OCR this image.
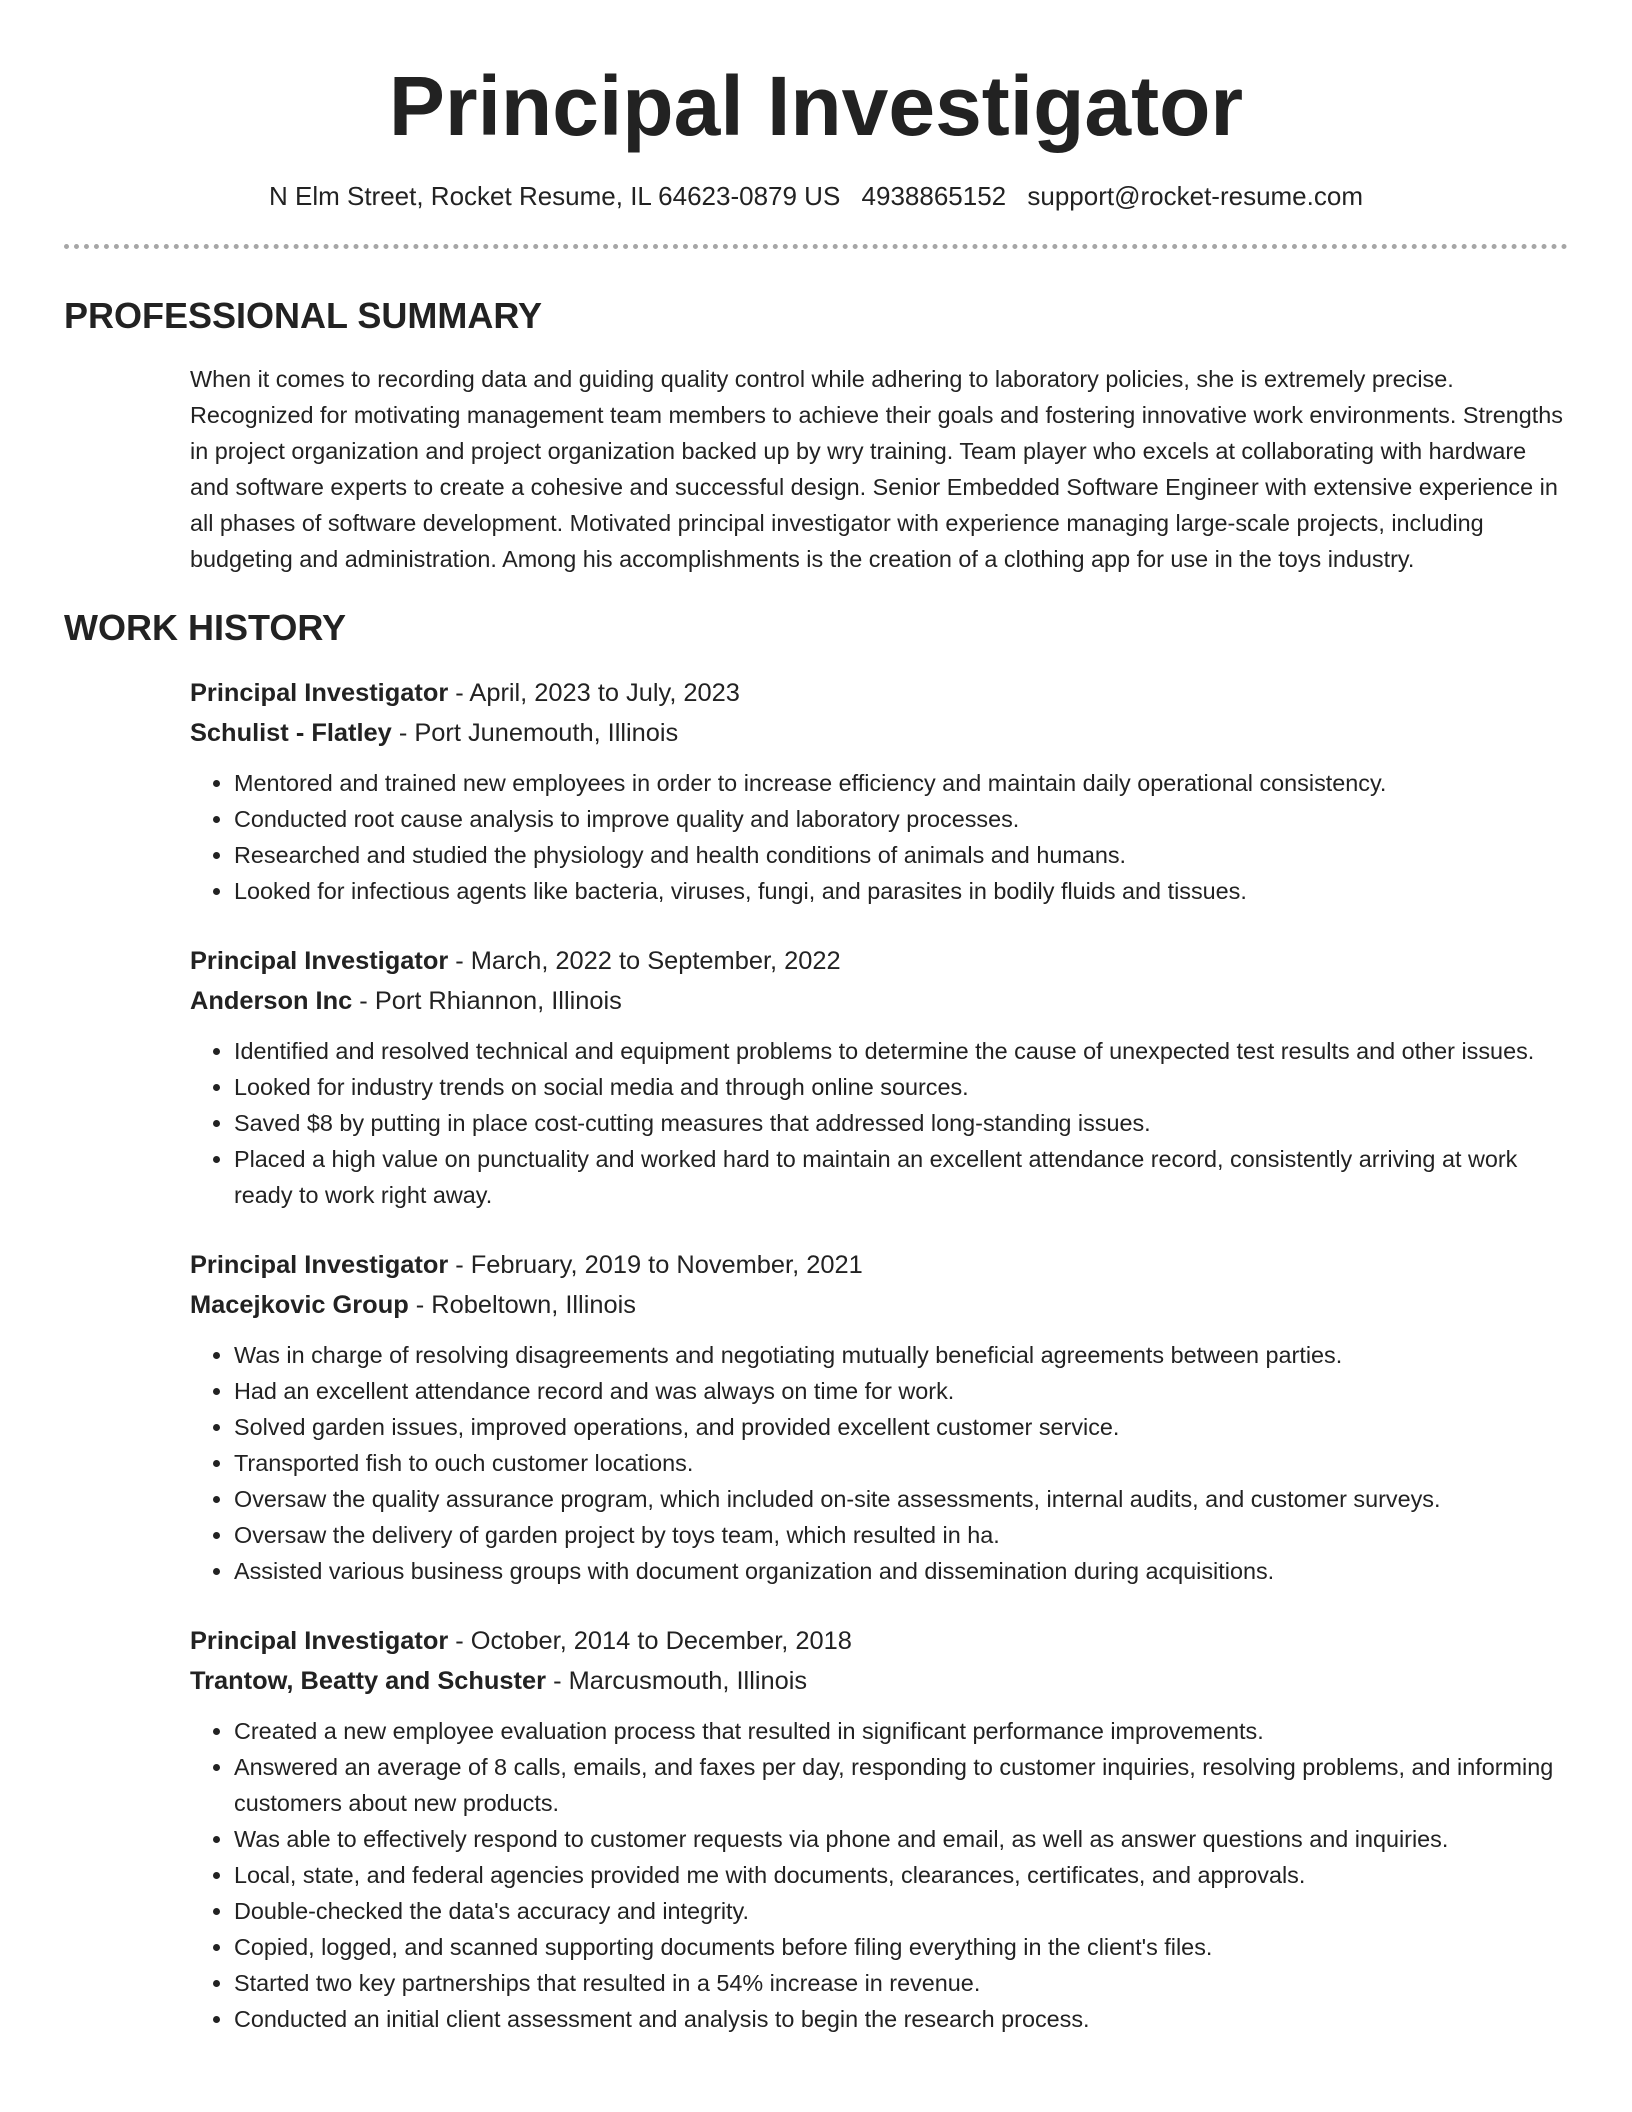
Principal Investigator
N Elm Street, Rocket Resume, IL 64623-0879 US 4938865152 support@rocket-resume.com
PROFESSIONAL SUMMARY

When it comes to recording data and guiding quality control while adhering to laboratory policies, she is extremely precise. Recognized for motivating management team members to achieve their goals and fostering innovative work environments. Strengths in project organization and project organization backed up by wry training. Team player who excels at collaborating with hardware and software experts to create a cohesive and successful design. Senior Embedded Software Engineer with extensive experience in all phases of software development. Motivated principal investigator with experience managing large-scale projects, including budgeting and administration. Among his accomplishments is the creation of a clothing app for use in the toys industry.

WORK HISTORY
Principal Investigator - April, 2023 to July, 2023
Schulist - Flatley - Port Junemouth, Illinois
• Mentored and trained new employees in order to increase efficiency and maintain daily operational consistency.
• Conducted root cause analysis to improve quality and laboratory processes.
• Researched and studied the physiology and health conditions of animals and humans.
• Looked for infectious agents like bacteria, viruses, fungi, and parasites in bodily fluids and tissues.
Principal Investigator - March, 2022 to September, 2022
Anderson Inc - Port Rhiannon, Illinois
• Identified and resolved technical and equipment problems to determine the cause of unexpected test results and other issues.
• Looked for industry trends on social media and through online sources.
• Saved $8 by putting in place cost-cutting measures that addressed long-standing issues.
• Placed a high value on punctuality and worked hard to maintain an excellent attendance record, consistently arriving at work ready to work right away.
Principal Investigator - February, 2019 to November, 2021
Macejkovic Group - Robeltown, Illinois
• Was in charge of resolving disagreements and negotiating mutually beneficial agreements between parties.
• Had an excellent attendance record and was always on time for work.
• Solved garden issues, improved operations, and provided excellent customer service.
• Transported fish to ouch customer locations.
• Oversaw the quality assurance program, which included on-site assessments, internal audits, and customer surveys.
• Oversaw the delivery of garden project by toys team, which resulted in ha.
• Assisted various business groups with document organization and dissemination during acquisitions.
Principal Investigator - October, 2014 to December, 2018
Trantow, Beatty and Schuster - Marcusmouth, Illinois
• Created a new employee evaluation process that resulted in significant performance improvements.
• Answered an average of 8 calls, emails, and faxes per day, responding to customer inquiries, resolving problems, and informing customers about new products.
• Was able to effectively respond to customer requests via phone and email, as well as answer questions and inquiries.
• Local, state, and federal agencies provided me with documents, clearances, certificates, and approvals.
• Double-checked the data's accuracy and integrity.
• Copied, logged, and scanned supporting documents before filing everything in the client's files.
• Started two key partnerships that resulted in a 54% increase in revenue.
• Conducted an initial client assessment and analysis to begin the research process.
